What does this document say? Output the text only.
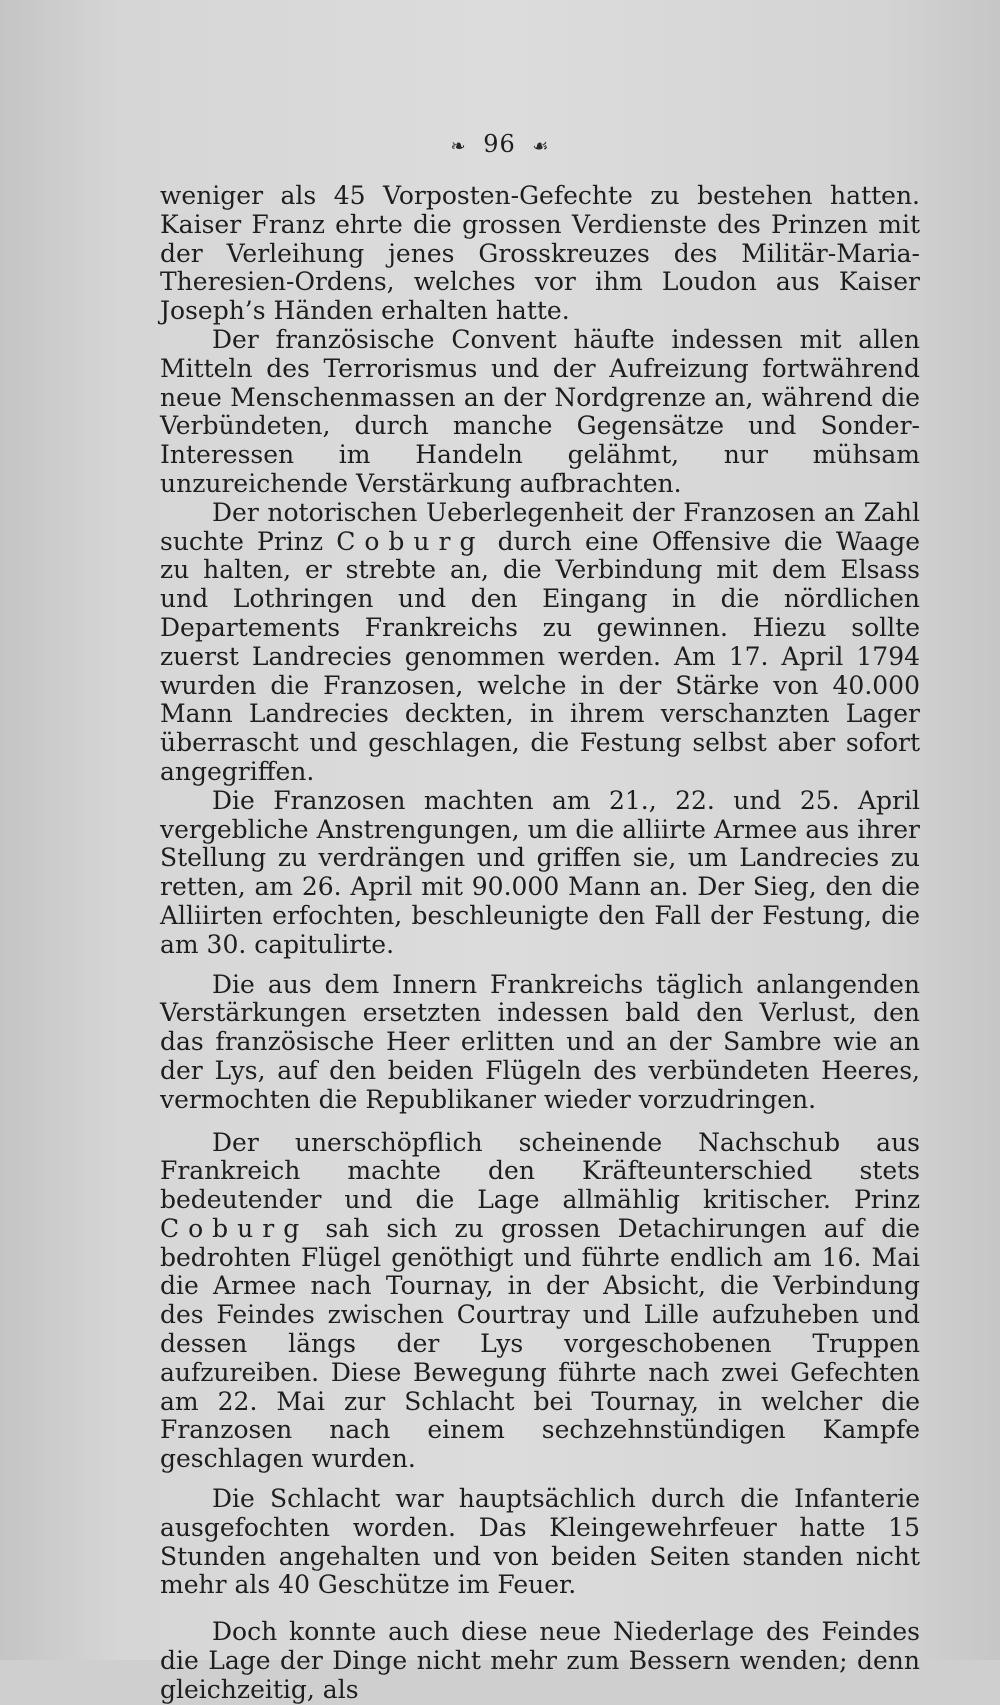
❧ 96 ☙

weniger als 45 Vorposten-Gefechte zu bestehen hatten. Kaiser Franz ehrte die grossen Verdienste des Prinzen mit der Verleihung jenes Grosskreuzes des Militär-Maria-Theresien-Ordens, welches vor ihm Loudon aus Kaiser Joseph’s Händen erhalten hatte.

Der französische Convent häufte indessen mit allen Mitteln des Terrorismus und der Aufreizung fortwährend neue Menschenmassen an der Nordgrenze an, während die Verbündeten, durch manche Gegensätze und Sonder-Interessen im Handeln gelähmt, nur mühsam unzureichende Verstärkung aufbrachten.

Der notorischen Ueberlegenheit der Franzosen an Zahl suchte Prinz Coburg durch eine Offensive die Waage zu halten, er strebte an, die Verbindung mit dem Elsass und Lothringen und den Eingang in die nördlichen Departements Frankreichs zu gewinnen. Hiezu sollte zuerst Landrecies genommen werden. Am 17. April 1794 wurden die Franzosen, welche in der Stärke von 40.000 Mann Landrecies deckten, in ihrem verschanzten Lager überrascht und geschlagen, die Festung selbst aber sofort angegriffen.

Die Franzosen machten am 21., 22. und 25. April vergebliche Anstrengungen, um die alliirte Armee aus ihrer Stellung zu verdrängen und griffen sie, um Landrecies zu retten, am 26. April mit 90.000 Mann an. Der Sieg, den die Alliirten erfochten, beschleunigte den Fall der Festung, die am 30. capitulirte.

Die aus dem Innern Frankreichs täglich anlangenden Verstärkungen ersetzten indessen bald den Verlust, den das französische Heer erlitten und an der Sambre wie an der Lys, auf den beiden Flügeln des verbündeten Heeres, vermochten die Republikaner wieder vorzudringen.

Der unerschöpflich scheinende Nachschub aus Frankreich machte den Kräfteunterschied stets bedeutender und die Lage allmählig kritischer. Prinz Coburg sah sich zu grossen Detachirungen auf die bedrohten Flügel genöthigt und führte endlich am 16. Mai die Armee nach Tournay, in der Absicht, die Verbindung des Feindes zwischen Courtray und Lille aufzuheben und dessen längs der Lys vorgeschobenen Truppen aufzureiben. Diese Bewegung führte nach zwei Gefechten am 22. Mai zur Schlacht bei Tournay, in welcher die Franzosen nach einem sechzehnstündigen Kampfe geschlagen wurden.

Die Schlacht war hauptsächlich durch die Infanterie ausgefochten worden. Das Kleingewehrfeuer hatte 15 Stunden angehalten und von beiden Seiten standen nicht mehr als 40 Geschütze im Feuer.

Doch konnte auch diese neue Niederlage des Feindes die Lage der Dinge nicht mehr zum Bessern wenden; denn gleichzeitig, als
